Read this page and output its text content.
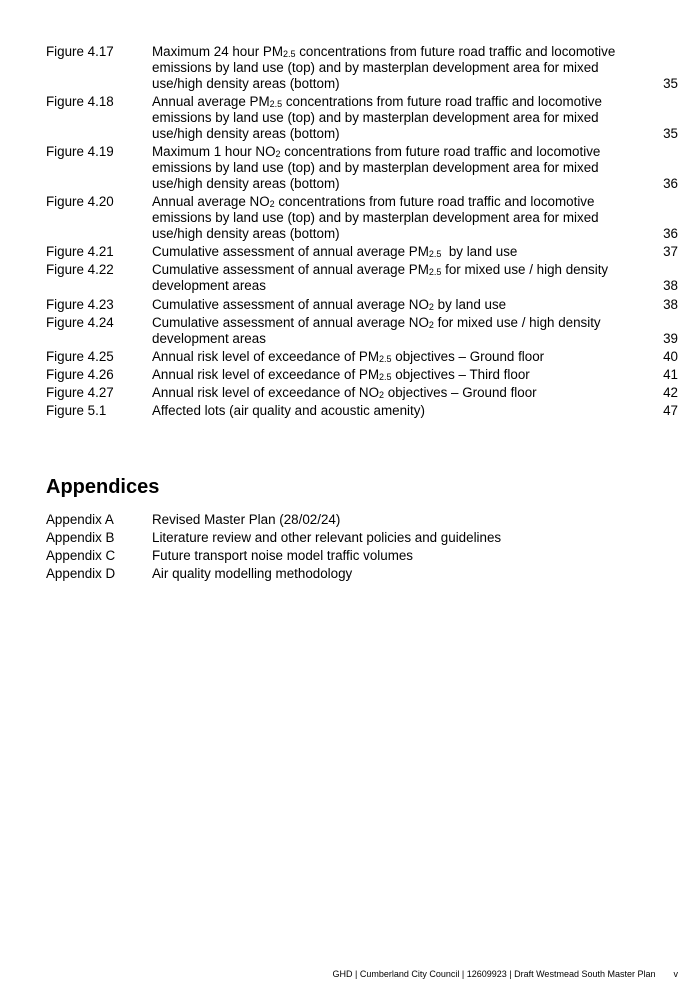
Figure 4.17	Maximum 24 hour $PM_{2.5}$ concentrations from future road traffic and locomotive emissions by land use (top) and by masterplan development area for mixed use/high density areas (bottom)	35
Figure 4.18	Annual average $PM_{2.5}$ concentrations from future road traffic and locomotive emissions by land use (top) and by masterplan development area for mixed use/high density areas (bottom)	35
Figure 4.19	Maximum 1 hour $NO_2$ concentrations from future road traffic and locomotive emissions by land use (top) and by masterplan development area for mixed use/high density areas (bottom)	36
Figure 4.20	Annual average $NO_2$ concentrations from future road traffic and locomotive emissions by land use (top) and by masterplan development area for mixed use/high density areas (bottom)	36
Figure 4.21	Cumulative assessment of annual average $PM_{2.5}$  by land use	37
Figure 4.22	Cumulative assessment of annual average $PM_{2.5}$ for mixed use / high density development areas	38
Figure 4.23	Cumulative assessment of annual average $NO_2$ by land use	38
Figure 4.24	Cumulative assessment of annual average $NO_2$ for mixed use / high density development areas	39
Figure 4.25	Annual risk level of exceedance of $PM_{2.5}$ objectives – Ground floor	40
Figure 4.26	Annual risk level of exceedance of $PM_{2.5}$ objectives – Third floor	41
Figure 4.27	Annual risk level of exceedance of $NO_2$ objectives – Ground floor	42
Figure 5.1	Affected lots (air quality and acoustic amenity)	47
Appendices
Appendix A	Revised Master Plan (28/02/24)
Appendix B	Literature review and other relevant policies and guidelines
Appendix C	Future transport noise model traffic volumes
Appendix D	Air quality modelling methodology
GHD | Cumberland City Council | 12609923 | Draft Westmead South Master Plan v
